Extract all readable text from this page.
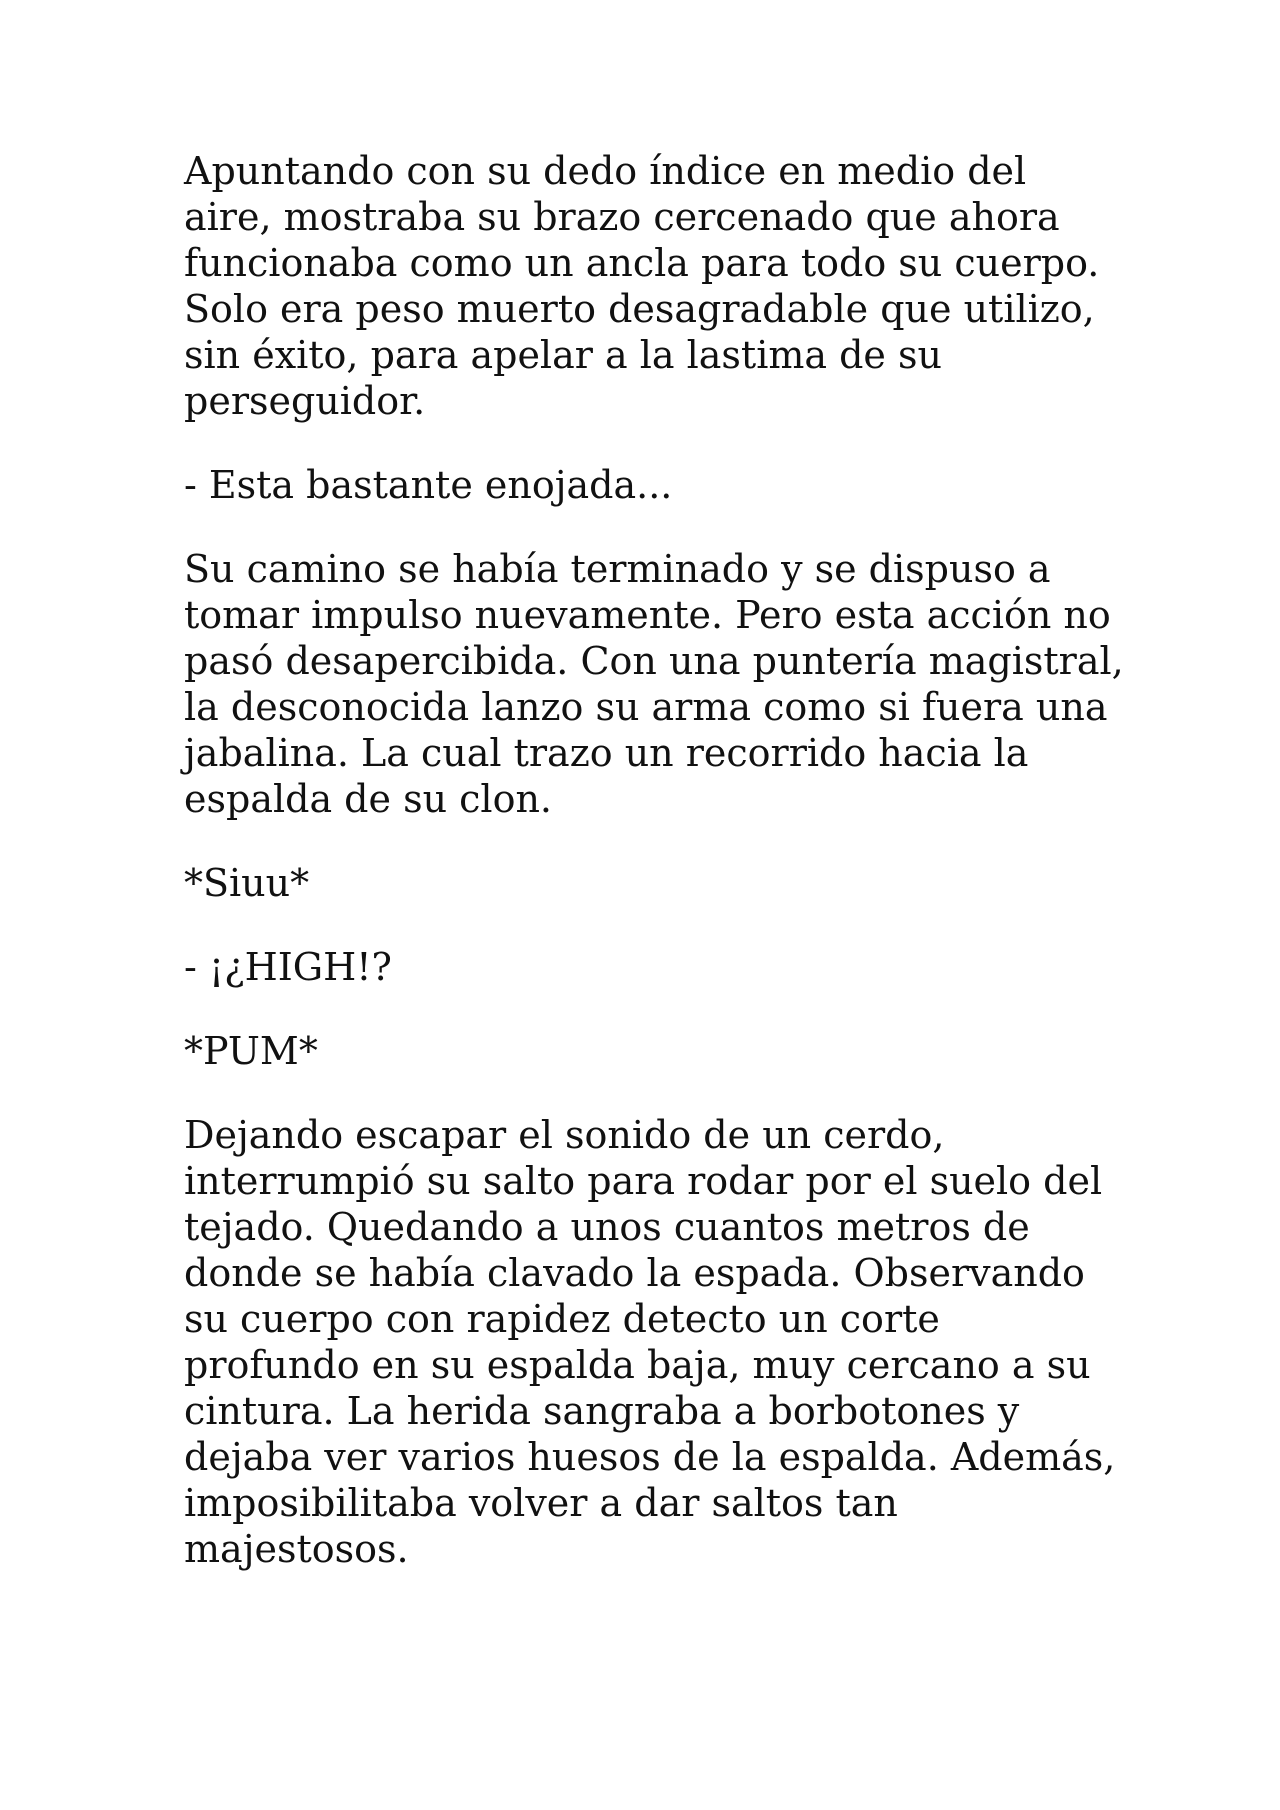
Apuntando con su dedo índice en medio del
aire, mostraba su brazo cercenado que ahora
funcionaba como un ancla para todo su cuerpo.
Solo era peso muerto desagradable que utilizo,
sin éxito, para apelar a la lastima de su
perseguidor.

- Esta bastante enojada...

Su camino se había terminado y se dispuso a
tomar impulso nuevamente. Pero esta acción no
pasó desapercibida. Con una puntería magistral,
la desconocida lanzo su arma como si fuera una
jabalina. La cual trazo un recorrido hacia la
espalda de su clon.

*Siuu*

- ¡¿HIGH!?

*PUM*

Dejando escapar el sonido de un cerdo,
interrumpió su salto para rodar por el suelo del
tejado. Quedando a unos cuantos metros de
donde se había clavado la espada. Observando
su cuerpo con rapidez detecto un corte
profundo en su espalda baja, muy cercano a su
cintura. La herida sangraba a borbotones y
dejaba ver varios huesos de la espalda. Además,
imposibilitaba volver a dar saltos tan
majestosos.
